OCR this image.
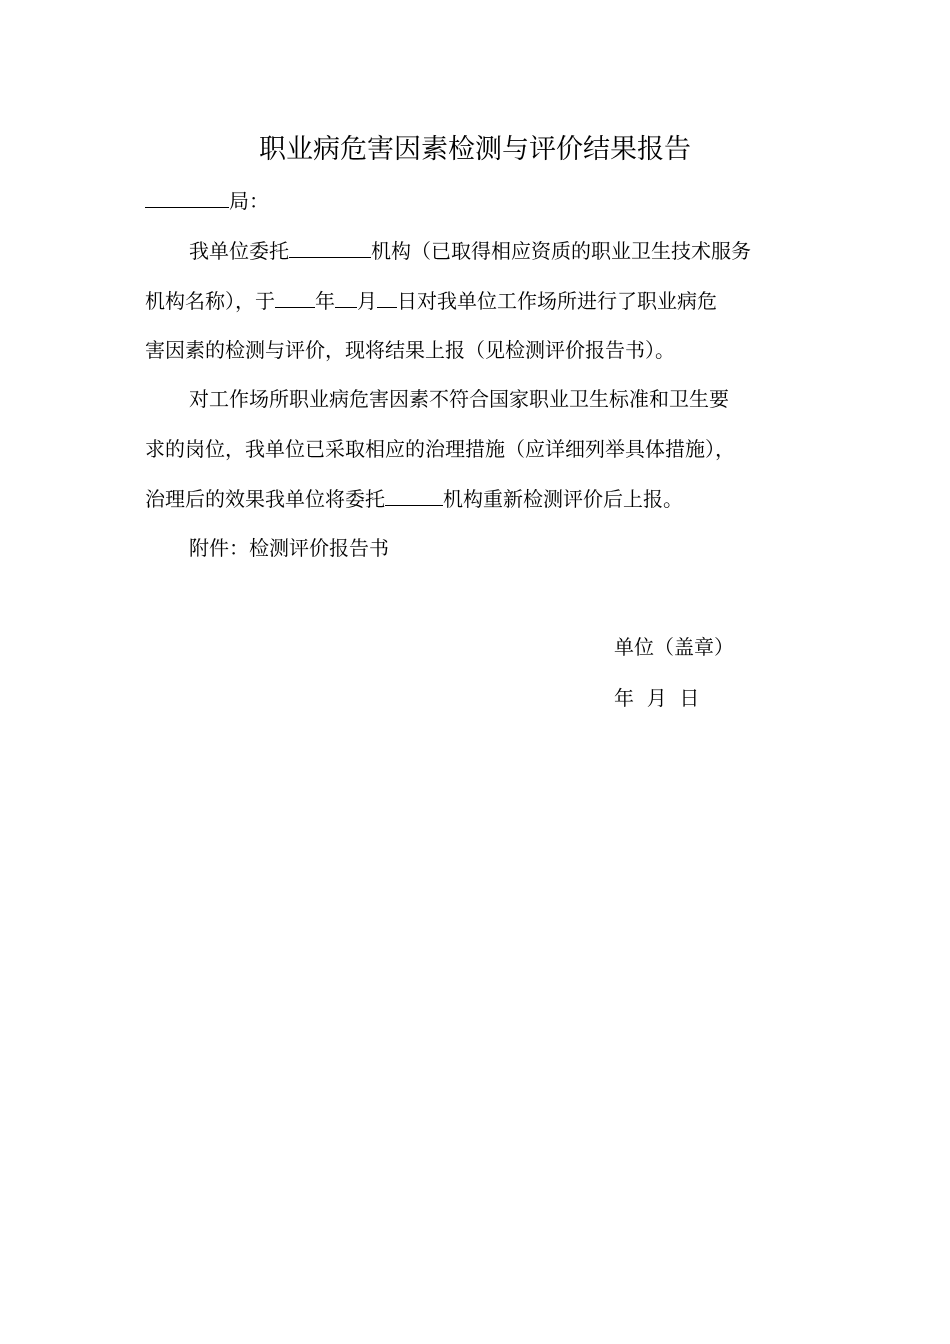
职业病危害因素检测与评价结果报告
局：
我单位委托	机构（已取得相应资质的职业卫生技术服务
机构名称），于 年 月 日对我单位工作场所进行了职业病危
害因素的检测与评价，现将结果上报（见检测评价报告书）。
对工作场所职业病危害因素不符合国家职业卫生标准和卫生要
求的岗位，我单位已采取相应的治理措施（应详细列举具体措施），
治理后的效果我单位将委托	机构重新检测评价后上报。
附件：检测评价报告书
单位（盖章）
年  月  日
